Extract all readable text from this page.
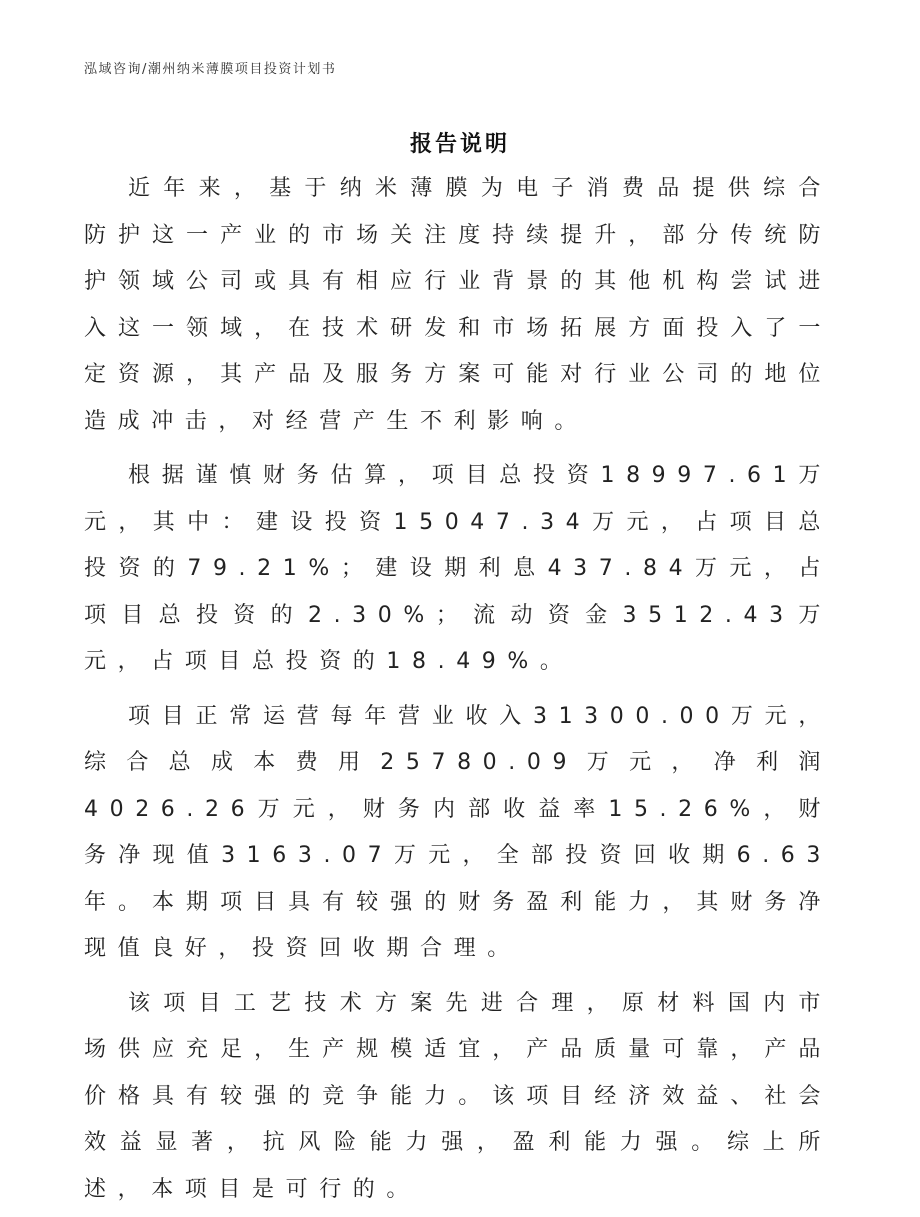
泓域咨询/潮州纳米薄膜项目投资计划书
报告说明

近年来，基于纳米薄膜为电子消费品提供综合防护这一产业的市场关注度持续提升，部分传统防护领域公司或具有相应行业背景的其他机构尝试进入这一领域，在技术研发和市场拓展方面投入了一定资源，其产品及服务方案可能对行业公司的地位造成冲击，对经营产生不利影响。

根据谨慎财务估算，项目总投资18997.61万元，其中：建设投资15047.34万元，占项目总投资的79.21%；建设期利息437.84万元，占项目总投资的2.30%；流动资金3512.43万元，占项目总投资的18.49%。

项目正常运营每年营业收入31300.00万元，综合总成本费用25780.09万元，净利润4026.26万元，财务内部收益率15.26%，财务净现值3163.07万元，全部投资回收期6.63年。本期项目具有较强的财务盈利能力，其财务净现值良好，投资回收期合理。

该项目工艺技术方案先进合理，原材料国内市场供应充足，生产规模适宜，产品质量可靠，产品价格具有较强的竞争能力。该项目经济效益、社会效益显著，抗风险能力强，盈利能力强。综上所述，本项目是可行的。
